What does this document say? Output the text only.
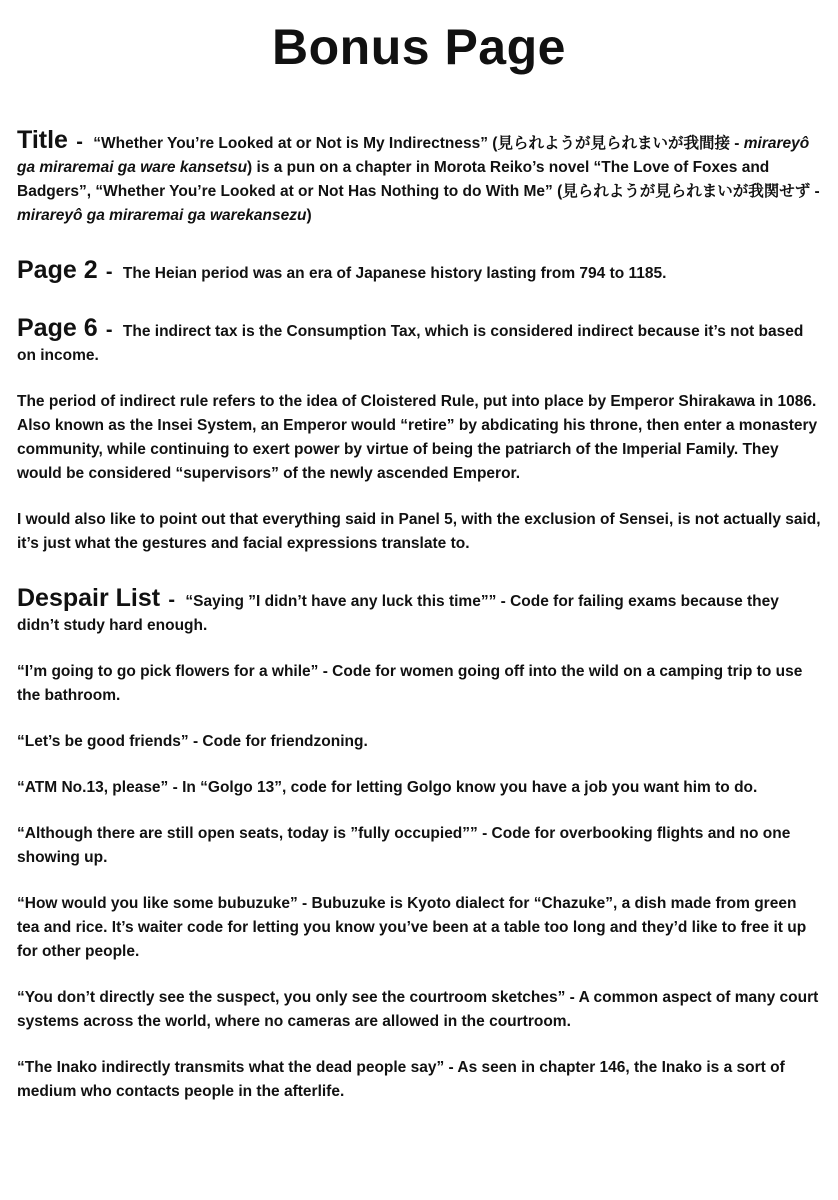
Bonus Page
Title - “Whether You’re Looked at or Not is My Indirectness” (見られようが見られまいが我間接 - mirareyô ga miraremai ga ware kansetsu) is a pun on a chapter in Morota Reiko’s novel “The Love of Foxes and Badgers”, “Whether You’re Looked at or Not Has Nothing to do With Me” (見られようが見られまいが我関せず - mirareyô ga miraremai ga warekansezu)
Page 2 - The Heian period was an era of Japanese history lasting from 794 to 1185.
Page 6 - The indirect tax is the Consumption Tax, which is considered indirect because it’s not based on income.

The period of indirect rule refers to the idea of Cloistered Rule, put into place by Emperor Shirakawa in 1086. Also known as the Insei System, an Emperor would “retire” by abdicating his throne, then enter a monastery community, while continuing to exert power by virtue of being the patriarch of the Imperial Family. They would be considered “supervisors” of the newly ascended Emperor.

I would also like to point out that everything said in Panel 5, with the exclusion of Sensei, is not actually said, it’s just what the gestures and facial expressions translate to.

Despair List - “Saying ”I didn’t have any luck this time”” - Code for failing exams because they didn’t study hard enough.

“I’m going to go pick flowers for a while” - Code for women going off into the wild on a camping trip to use the bathroom.

“Let’s be good friends” - Code for friendzoning.

“ATM No.13, please” - In “Golgo 13”, code for letting Golgo know you have a job you want him to do.

“Although there are still open seats, today is ”fully occupied”” - Code for overbooking flights and no one showing up.

“How would you like some bubuzuke” - Bubuzuke is Kyoto dialect for “Chazuke”, a dish made from green tea and rice. It’s waiter code for letting you know you’ve been at a table too long and they’d like to free it up for other people.

“You don’t directly see the suspect, you only see the courtroom sketches” - A common aspect of many court systems across the world, where no cameras are allowed in the courtroom.

“The Inako indirectly transmits what the dead people say” - As seen in chapter 146, the Inako is a sort of medium who contacts people in the afterlife.
